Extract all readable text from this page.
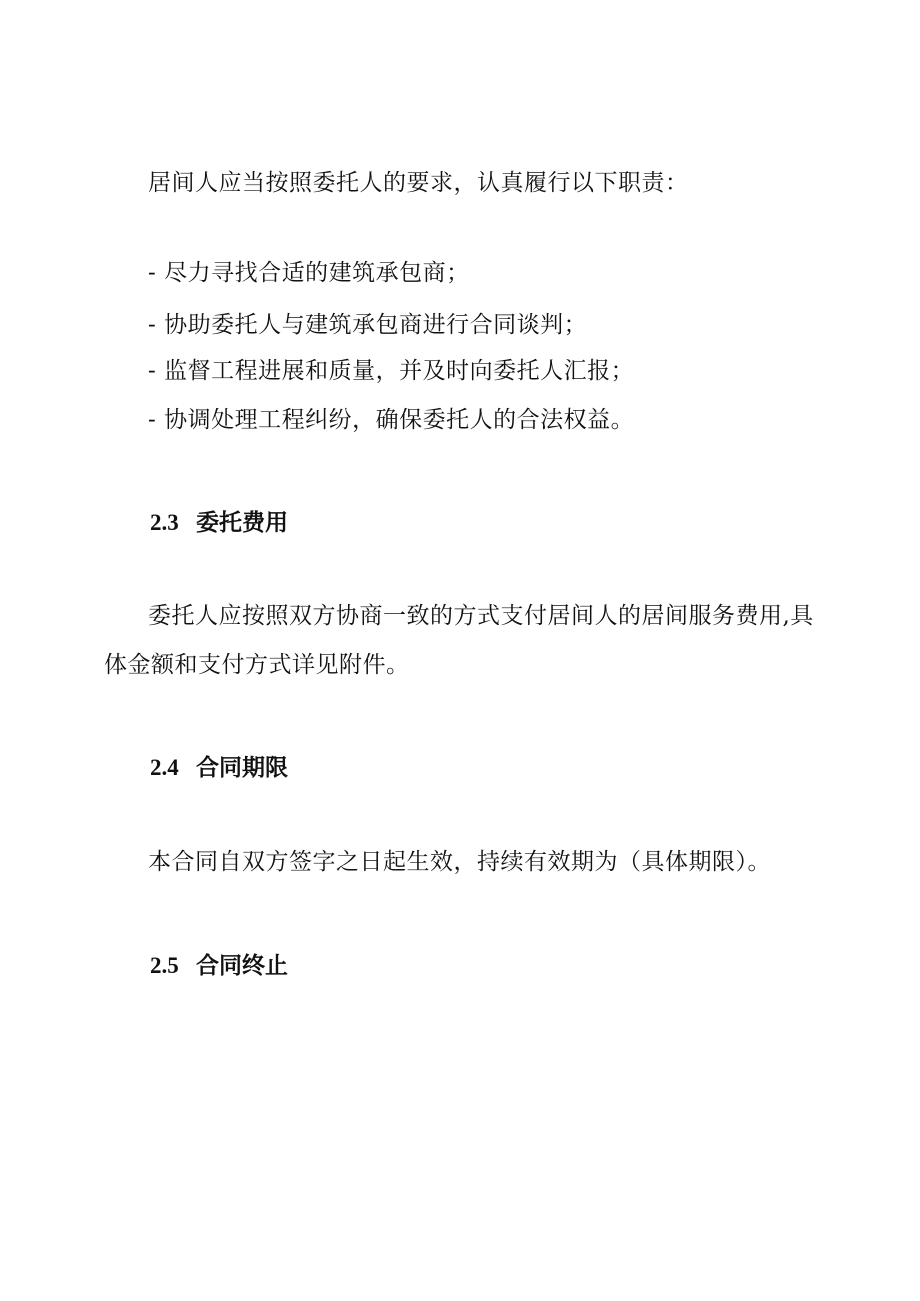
居间人应当按照委托人的要求，认真履行以下职责：
- 尽力寻找合适的建筑承包商；
- 协助委托人与建筑承包商进行合同谈判；
- 监督工程进展和质量，并及时向委托人汇报；
- 协调处理工程纠纷，确保委托人的合法权益。
2.3 委托费用
委托人应按照双方协商一致的方式支付居间人的居间服务费用,具
体金额和支付方式详见附件。
2.4 合同期限
本合同自双方签字之日起生效，持续有效期为（具体期限）。
2.5 合同终止
